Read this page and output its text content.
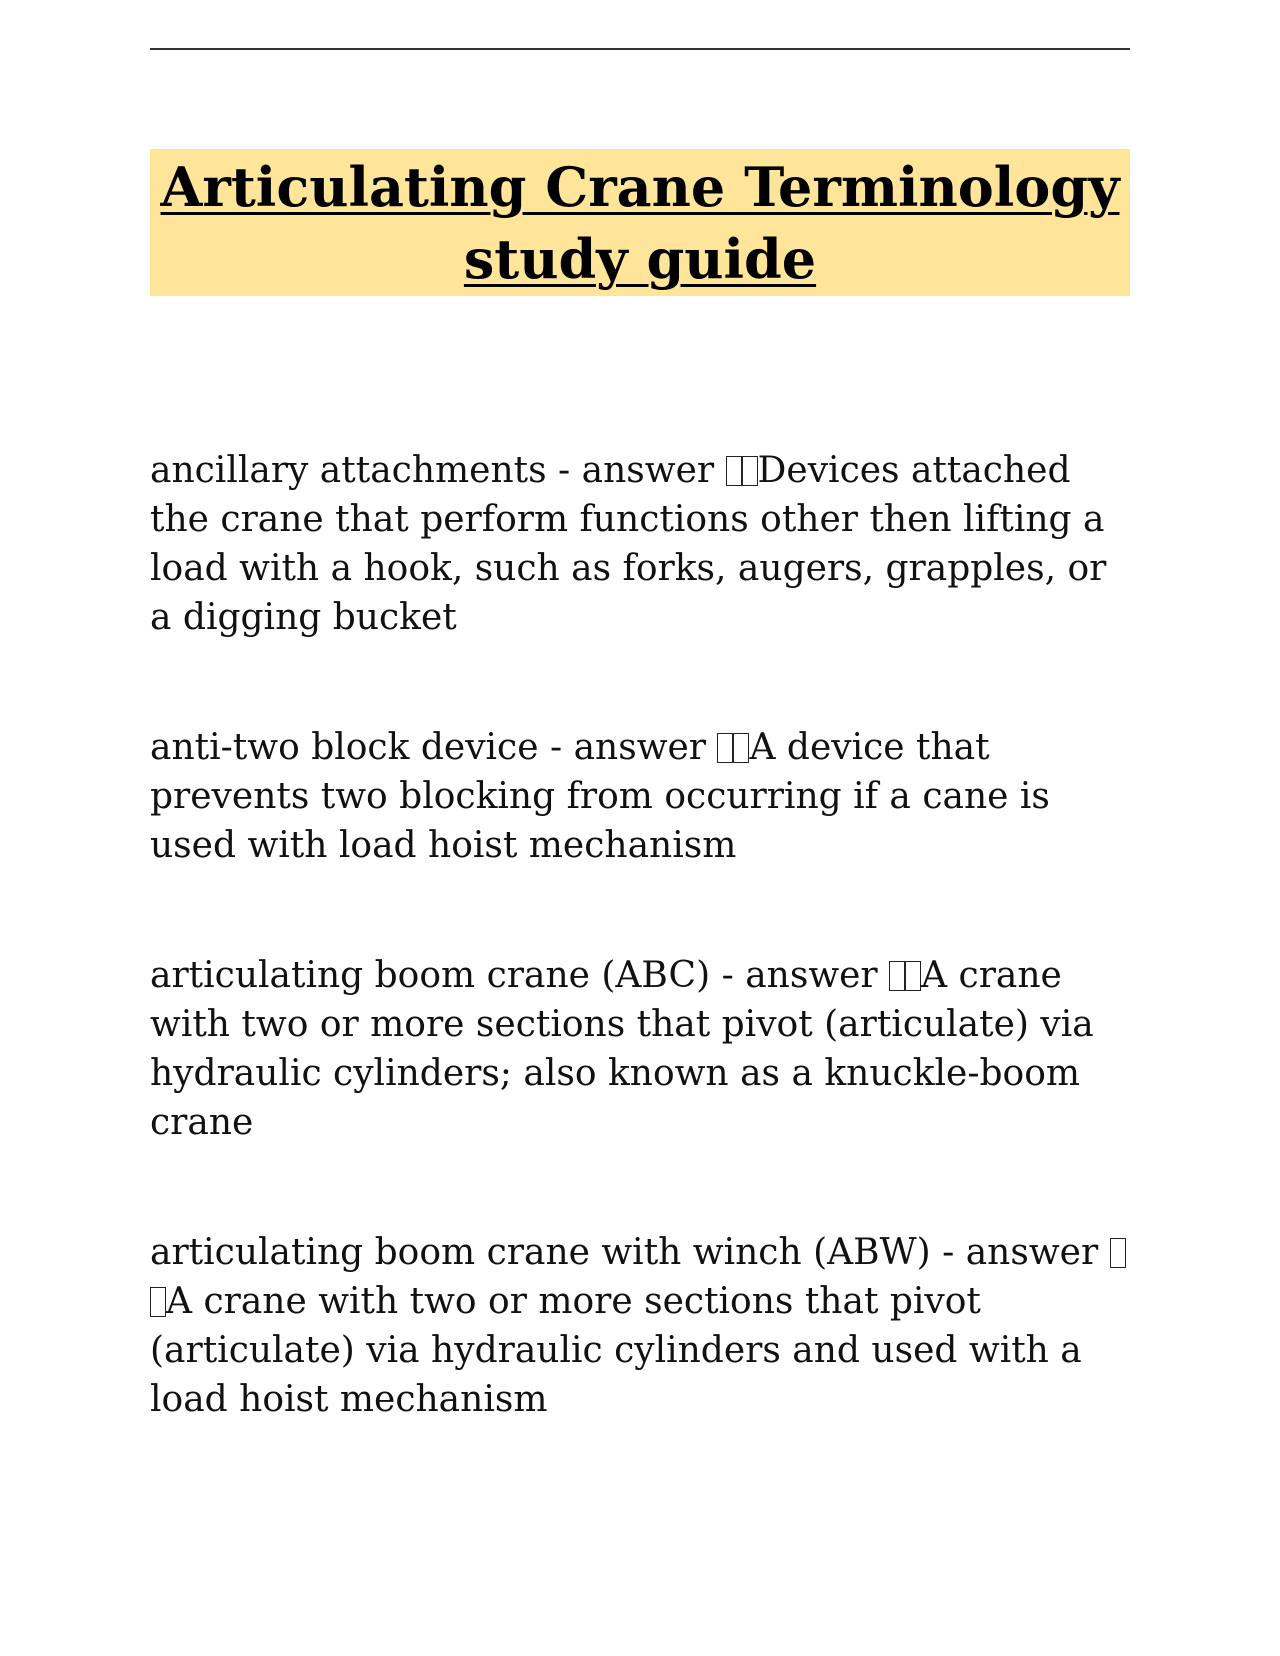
Articulating Crane Terminology study guide

ancillary attachments - answer Devices attached the crane that perform functions other then lifting a load with a hook, such as forks, augers, grapples, or a digging bucket

anti-two block device - answer A device that prevents two blocking from occurring if a cane is used with load hoist mechanism

articulating boom crane (ABC) - answer A crane with two or more sections that pivot (articulate) via hydraulic cylinders; also known as a knuckle-boom crane

articulating boom crane with winch (ABW) - answer A crane with two or more sections that pivot (articulate) via hydraulic cylinders and used with a load hoist mechanism
